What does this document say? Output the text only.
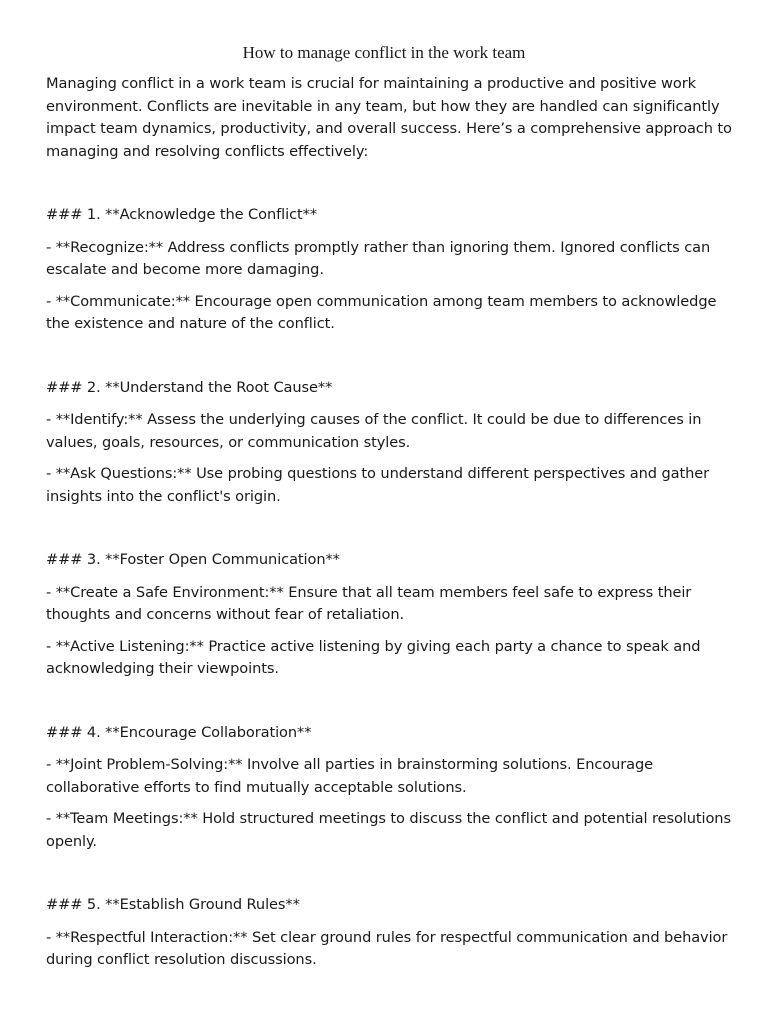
How to manage conflict in the work team

Managing conflict in a work team is crucial for maintaining a productive and positive work environment. Conflicts are inevitable in any team, but how they are handled can significantly impact team dynamics, productivity, and overall success. Here’s a comprehensive approach to managing and resolving conflicts effectively:

### 1. **Acknowledge the Conflict**

- **Recognize:** Address conflicts promptly rather than ignoring them. Ignored conflicts can escalate and become more damaging.

- **Communicate:** Encourage open communication among team members to acknowledge the existence and nature of the conflict.

### 2. **Understand the Root Cause**

- **Identify:** Assess the underlying causes of the conflict. It could be due to differences in values, goals, resources, or communication styles.

- **Ask Questions:** Use probing questions to understand different perspectives and gather insights into the conflict's origin.

### 3. **Foster Open Communication**

- **Create a Safe Environment:** Ensure that all team members feel safe to express their thoughts and concerns without fear of retaliation.

- **Active Listening:** Practice active listening by giving each party a chance to speak and acknowledging their viewpoints.

### 4. **Encourage Collaboration**

- **Joint Problem-Solving:** Involve all parties in brainstorming solutions. Encourage collaborative efforts to find mutually acceptable solutions.

- **Team Meetings:** Hold structured meetings to discuss the conflict and potential resolutions openly.

### 5. **Establish Ground Rules**

- **Respectful Interaction:** Set clear ground rules for respectful communication and behavior during conflict resolution discussions.
